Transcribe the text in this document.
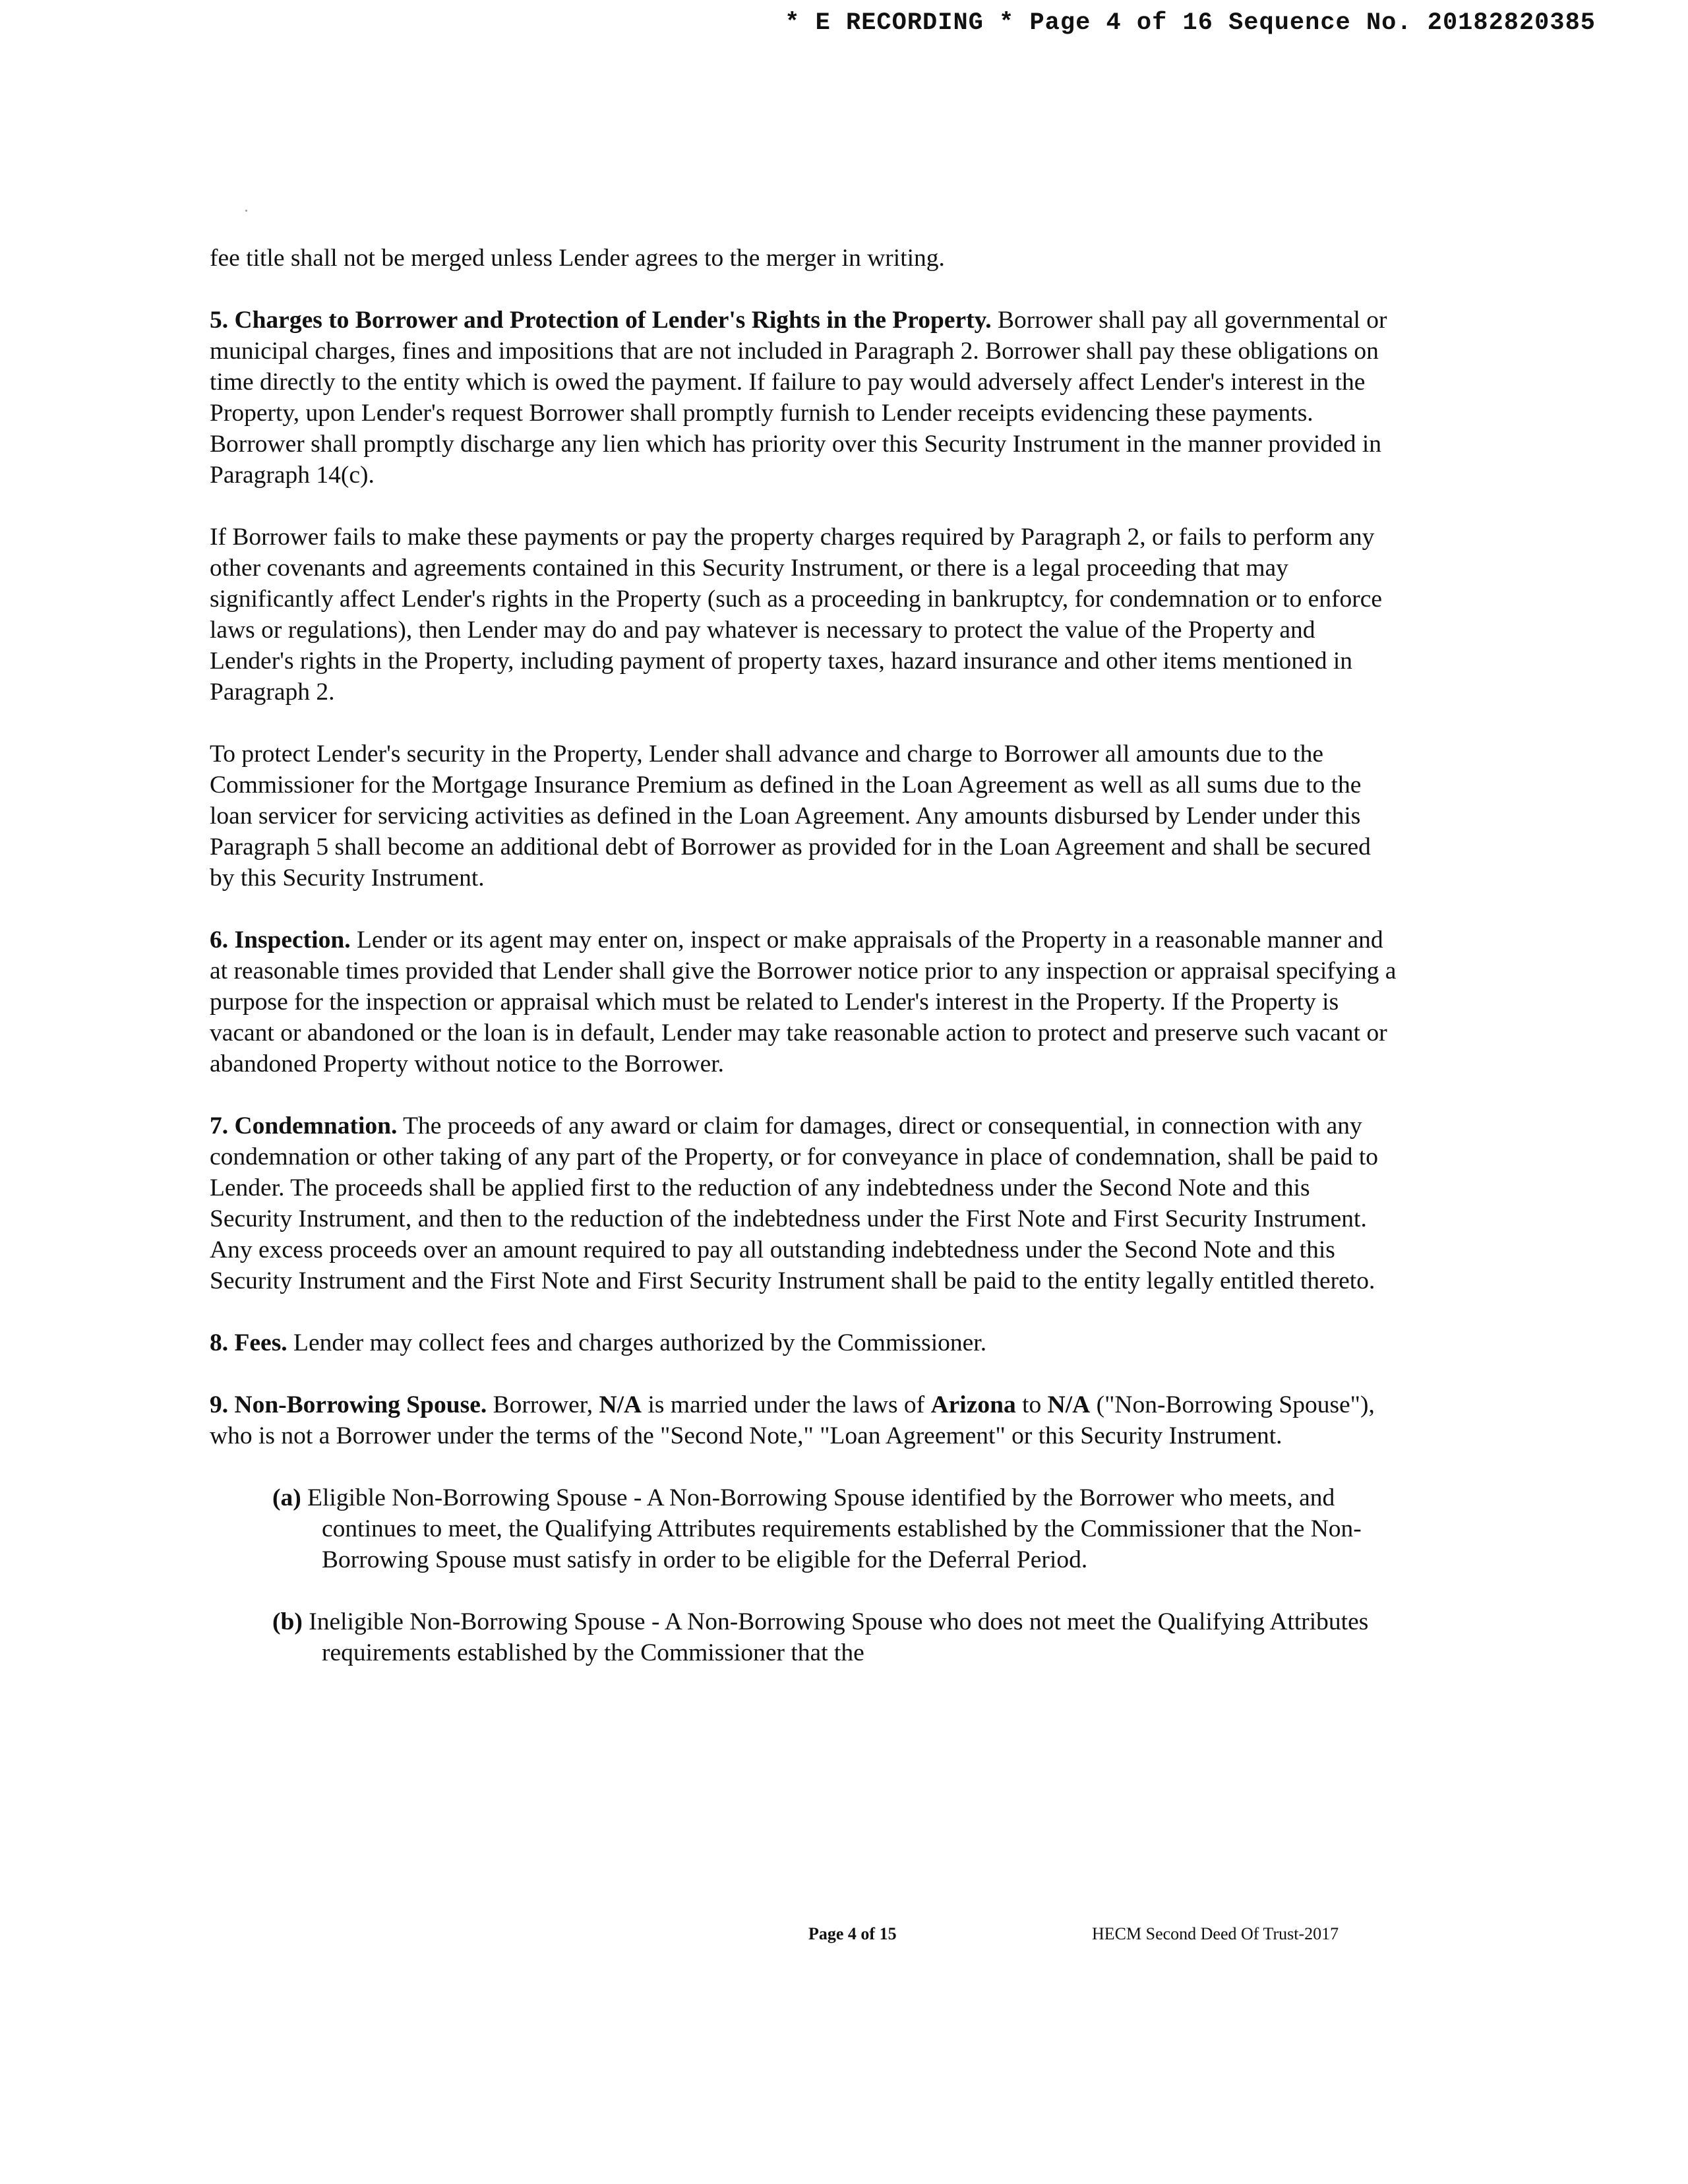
* E RECORDING * Page 4 of 16 Sequence No. 20182820385

fee title shall not be merged unless Lender agrees to the merger in writing.

5. Charges to Borrower and Protection of Lender's Rights in the Property. Borrower shall pay all governmental or municipal charges, fines and impositions that are not included in Paragraph 2. Borrower shall pay these obligations on time directly to the entity which is owed the payment. If failure to pay would adversely affect Lender's interest in the Property, upon Lender's request Borrower shall promptly furnish to Lender receipts evidencing these payments. Borrower shall promptly discharge any lien which has priority over this Security Instrument in the manner provided in Paragraph 14(c).

If Borrower fails to make these payments or pay the property charges required by Paragraph 2, or fails to perform any other covenants and agreements contained in this Security Instrument, or there is a legal proceeding that may significantly affect Lender's rights in the Property (such as a proceeding in bankruptcy, for condemnation or to enforce laws or regulations), then Lender may do and pay whatever is necessary to protect the value of the Property and Lender's rights in the Property, including payment of property taxes, hazard insurance and other items mentioned in Paragraph 2.

To protect Lender's security in the Property, Lender shall advance and charge to Borrower all amounts due to the Commissioner for the Mortgage Insurance Premium as defined in the Loan Agreement as well as all sums due to the loan servicer for servicing activities as defined in the Loan Agreement. Any amounts disbursed by Lender under this Paragraph 5 shall become an additional debt of Borrower as provided for in the Loan Agreement and shall be secured by this Security Instrument.

6. Inspection. Lender or its agent may enter on, inspect or make appraisals of the Property in a reasonable manner and at reasonable times provided that Lender shall give the Borrower notice prior to any inspection or appraisal specifying a purpose for the inspection or appraisal which must be related to Lender's interest in the Property. If the Property is vacant or abandoned or the loan is in default, Lender may take reasonable action to protect and preserve such vacant or abandoned Property without notice to the Borrower.

7. Condemnation. The proceeds of any award or claim for damages, direct or consequential, in connection with any condemnation or other taking of any part of the Property, or for conveyance in place of condemnation, shall be paid to Lender. The proceeds shall be applied first to the reduction of any indebtedness under the Second Note and this Security Instrument, and then to the reduction of the indebtedness under the First Note and First Security Instrument. Any excess proceeds over an amount required to pay all outstanding indebtedness under the Second Note and this Security Instrument and the First Note and First Security Instrument shall be paid to the entity legally entitled thereto.

8. Fees. Lender may collect fees and charges authorized by the Commissioner.

9. Non-Borrowing Spouse. Borrower, N/A is married under the laws of Arizona to N/A ("Non-Borrowing Spouse"), who is not a Borrower under the terms of the "Second Note," "Loan Agreement" or this Security Instrument.

(a) Eligible Non-Borrowing Spouse - A Non-Borrowing Spouse identified by the Borrower who meets, and continues to meet, the Qualifying Attributes requirements established by the Commissioner that the Non-Borrowing Spouse must satisfy in order to be eligible for the Deferral Period.

(b) Ineligible Non-Borrowing Spouse - A Non-Borrowing Spouse who does not meet the Qualifying Attributes requirements established by the Commissioner that the

Page 4 of 15	HECM Second Deed Of Trust-2017
